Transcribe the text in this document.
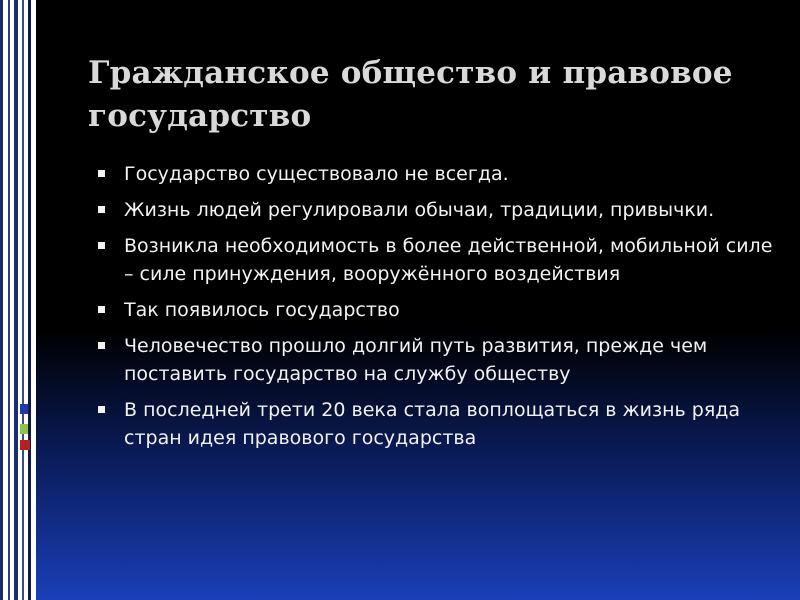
Гражданское общество и правовое государство
Государство существовало не всегда.
Жизнь людей регулировали обычаи, традиции, привычки.
Возникла необходимость в более действенной, мобильной силе – силе принуждения, вооружённого воздействия
Так появилось государство
Человечество прошло долгий путь развития, прежде чем поставить государство на службу обществу
В последней трети 20 века стала воплощаться в жизнь ряда стран идея правового государства
